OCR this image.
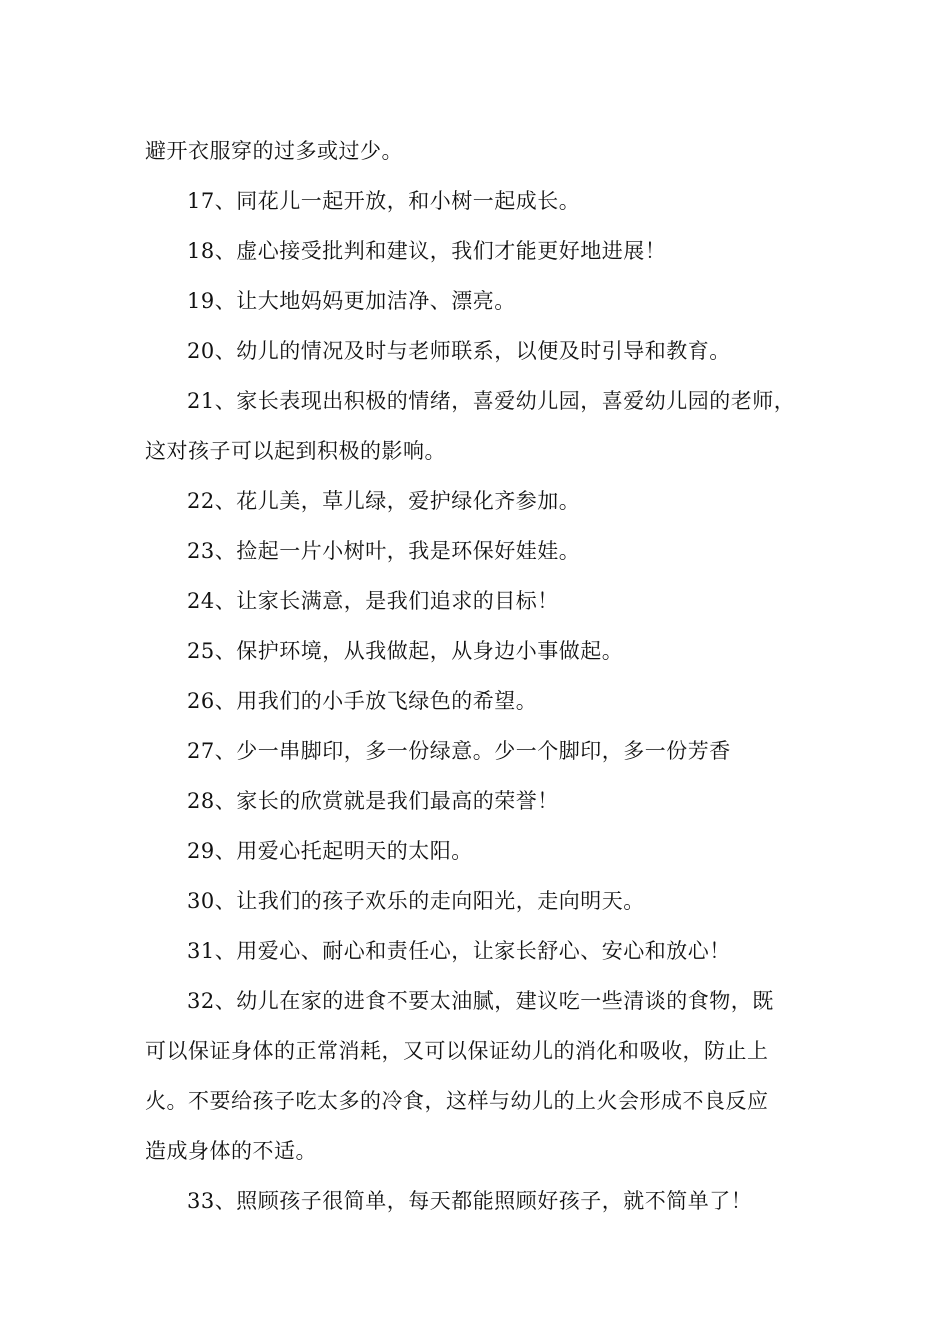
避开衣服穿的过多或过少。
17、同花儿一起开放，和小树一起成长。
18、虚心接受批判和建议，我们才能更好地进展！
19、让大地妈妈更加洁净、漂亮。
20、幼儿的情况及时与老师联系，以便及时引导和教育。
21、家长表现出积极的情绪，喜爱幼儿园，喜爱幼儿园的老师，
这对孩子可以起到积极的影响。
22、花儿美，草儿绿，爱护绿化齐参加。
23、捡起一片小树叶，我是环保好娃娃。
24、让家长满意，是我们追求的目标！
25、保护环境，从我做起，从身边小事做起。
26、用我们的小手放飞绿色的希望。
27、少一串脚印，多一份绿意。少一个脚印，多一份芳香
28、家长的欣赏就是我们最高的荣誉！
29、用爱心托起明天的太阳。
30、让我们的孩子欢乐的走向阳光，走向明天。
31、用爱心、耐心和责任心，让家长舒心、安心和放心！
32、幼儿在家的进食不要太油腻，建议吃一些清谈的食物，既
可以保证身体的正常消耗，又可以保证幼儿的消化和吸收，防止上
火。不要给孩子吃太多的冷食，这样与幼儿的上火会形成不良反应
造成身体的不适。
33、照顾孩子很简单，每天都能照顾好孩子，就不简单了！
